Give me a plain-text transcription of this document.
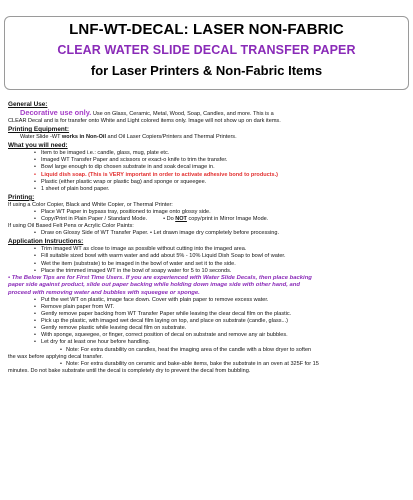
LNF-WT-DECAL: LASER NON-FABRIC
CLEAR WATER SLIDE DECAL TRANSFER PAPER
for Laser Printers & Non-Fabric Items
General Use:
Decorative use only. Use on Glass, Ceramic, Metal, Wood, Soap, Candles, and more. This is a
CLEAR Decal and is for transfer onto White and Light colored items only. Image will not show up on dark items.
Printing Equipment:
Water Slide -WT works in Non-Oil and Oil Laser Copiers/Printers and Thermal Printers.
What you will need:
• Item to be imaged i.e.: candle, glass, mug, plate etc.
• Imaged WT Transfer Paper and scissors or exact-o knife to trim the transfer.
• Bowl large enough to dip chosen substrate in and soak decal image in.
• Liquid dish soap. (This is VERY important in order to activate adhesive bond to products.)
• Plastic (either plastic wrap or plastic bag) and sponge or squeegee.
• 1 sheet of plain bond paper.
Printing:
If using a Color Copier, Black and White Copier, or Thermal Printer:
• Place WT Paper in bypass tray, positioned to image onto glossy side.
• Copy/Print in Plain Paper / Standard Mode.	• Do NOT copy/print in Mirror Image Mode.
If using Oil Based Felt Pens or Acrylic Color Paints:
• Draw on Glossy Side of WT Transfer Paper. • Let drawn image dry completely before processing.
Application Instructions:
• Trim imaged WT as close to image as possible without cutting into the imaged area.
• Fill suitable sized bowl with warm water and add about 5% - 10% Liquid Dish Soap to bowl of water.
• Wet the item (substrate) to be imaged in the bowl of water and set it to the side.
• Place the trimmed imaged WT in the bowl of soapy water for 5 to 10 seconds.
• The Below Tips are for First Time Users. If you are experienced with Water Slide Decals, then place backing
paper side against product, slide out paper backing while holding down image side with other hand, and
proceed with removing water and bubbles with squeegee or sponge.
• Put the wet WT on plastic, image face down. Cover with plain paper to remove excess water.
• Remove plain paper from WT.
• Gently remove paper backing from WT Transfer Paper while leaving the clear decal film on the plastic.
• Pick up the plastic, with imaged wet decal film laying on top, and place on substrate (candle, glass...)
• Gently remove plastic while leaving decal film on substrate.
• With sponge, squeegee, or finger, correct position of decal on substrate and remove any air bubbles.
• Let dry for at least one hour before handling.
• Note: For extra durability on candles, heat the imaging area of the candle with a blow dryer to soften
the wax before applying decal transfer.
• Note: For extra durability on ceramic and bake-able items, bake the substrate in an oven at 325F for 15
minutes. Do not bake substrate until the decal is completely dry to prevent the decal from bubbling.
